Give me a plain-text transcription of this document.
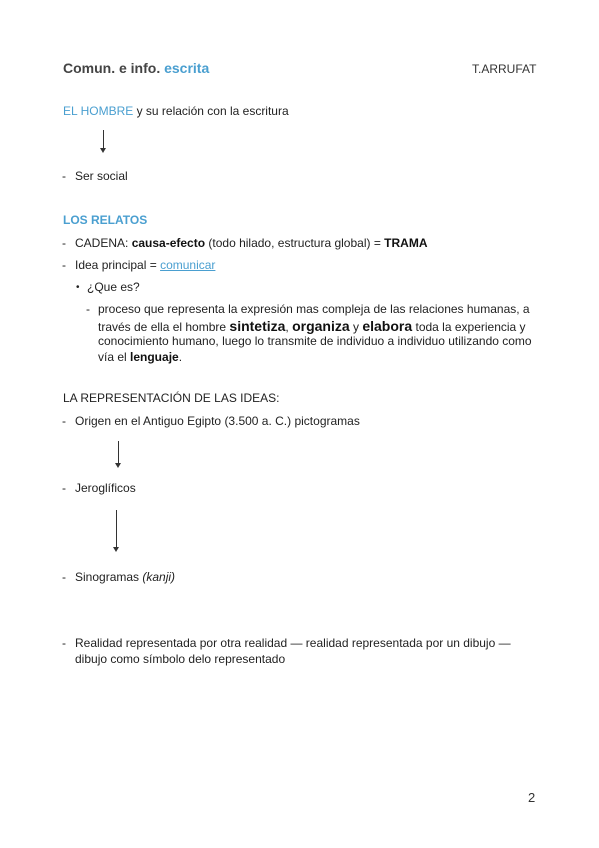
Comun. e info. escrita	T.ARRUFAT
EL HOMBRE y su relación con la escritura
- Ser social
LOS RELATOS
- CADENA: causa-efecto (todo hilado, estructura global) = TRAMA
- Idea principal = comunicar
• ¿Que es?
- proceso que representa la expresión mas compleja de las relaciones humanas, a
través de ella el hombre sintetiza, organiza y elabora toda la experiencia y
conocimiento humano, luego lo transmite de individuo a individuo utilizando como
vía el lenguaje.
LA REPRESENTACIÓN DE LAS IDEAS:
- Origen en el Antiguo Egipto (3.500 a. C.) pictogramas
- Jeroglíficos
- Sinogramas (kanji)
- Realidad representada por otra realidad — realidad representada por un dibujo —
dibujo como símbolo delo representado
2
